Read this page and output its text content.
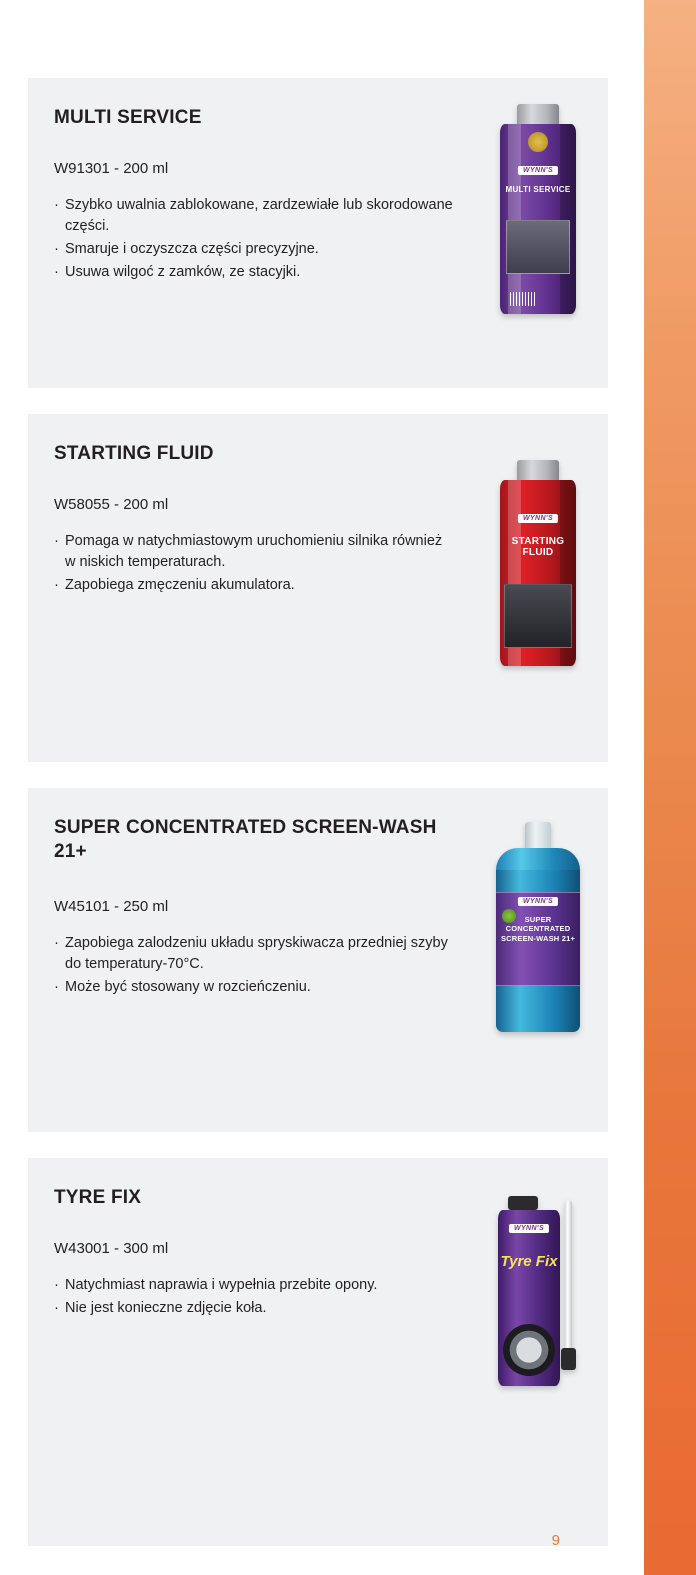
MULTI SERVICE

W91301 - 200 ml

· Szybko uwalnia zablokowane, zardzewiałe lub skorodowane części.
· Smaruje i oczyszcza części precyzyjne.
· Usuwa wilgoć z zamków, ze stacyjki.
WYNN'S
MULTI SERVICE
STARTING FLUID

W58055 - 200 ml

· Pomaga w natychmiastowym uruchomieniu silnika również w niskich temperaturach.
· Zapobiega zmęczeniu akumulatora.
WYNN'S
STARTING FLUID
SUPER CONCENTRATED SCREEN-WASH 21+

W45101 - 250 ml

· Zapobiega zalodzeniu układu spryskiwacza przedniej szyby do temperatury-70°C.
· Może być stosowany w rozcieńczeniu.
WYNN'S
SUPER CONCENTRATED SCREEN-WASH 21+
TYRE FIX

W43001 - 300 ml

· Natychmiast naprawia i wypełnia przebite opony.
· Nie jest konieczne zdjęcie koła.
WYNN'S
Tyre Fix
9
